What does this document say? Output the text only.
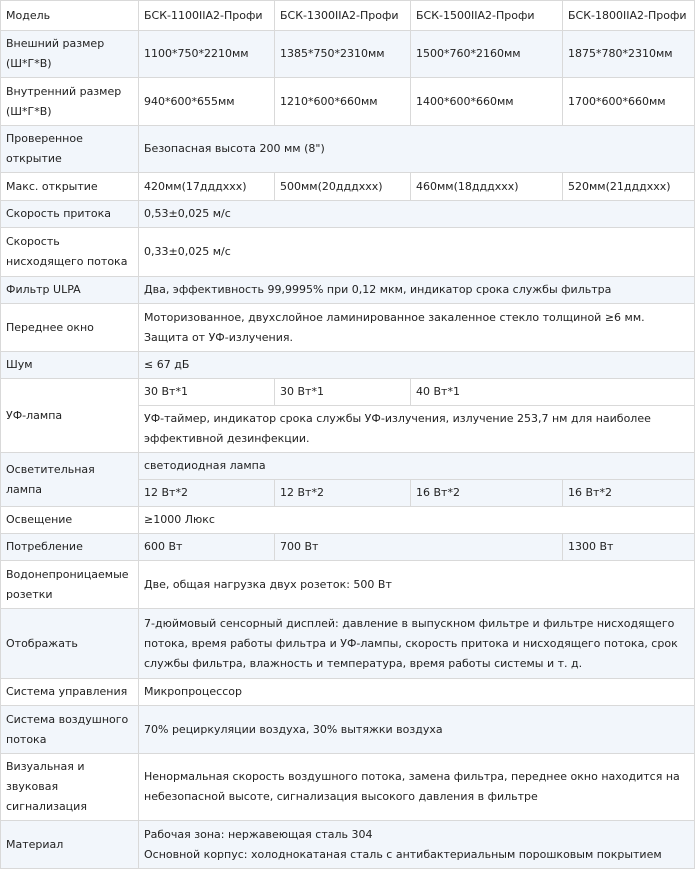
Модель	БСК-1100IIA2-Профи	БСК-1300IIA2-Профи	БСК-1500IIA2-Профи	БСК-1800IIA2-Профи
Внешний размер (Ш*Г*В)	1100*750*2210мм	1385*750*2310мм	1500*760*2160мм	1875*780*2310мм
Внутренний размер (Ш*Г*В)	940*600*655мм	1210*600*660мм	1400*600*660мм	1700*600*660мм
Проверенное открытие	Безопасная высота 200 мм (8")			
Макс. открытие	420мм(17дддххх)	500мм(20дддххх)	460мм(18дддххх)	520мм(21дддххх)
Скорость притока	0,53±0,025 м/с			
Скорость нисходящего потока	0,33±0,025 м/с			
Фильтр ULPA	Два, эффективность 99,9995% при 0,12 мкм, индикатор срока службы фильтра			
Переднее окно	Моторизованное, двухслойное ламинированное закаленное стекло толщиной ≥6 мм. Защита от УФ-излучения.			
Шум	≤ 67 дБ			
УФ-лампа	30 Вт*1	30 Вт*1	40 Вт*1	
	УФ-таймер, индикатор срока службы УФ-излучения, излучение 253,7 нм для наиболее эффективной дезинфекции.			
Осветительная лампа	светодиодная лампа			
	12 Вт*2	12 Вт*2	16 Вт*2	16 Вт*2
Освещение	≥1000 Люкс			
Потребление	600 Вт	700 Вт		1300 Вт
Водонепроницаемые розетки	Две, общая нагрузка двух розеток: 500 Вт			
Отображать	7-дюймовый сенсорный дисплей: давление в выпускном фильтре и фильтре нисходящего потока, время работы фильтра и УФ-лампы, скорость притока и нисходящего потока, срок службы фильтра, влажность и температура, время работы системы и т. д.			
Система управления	Микропроцессор			
Система воздушного потока	70% рециркуляции воздуха, 30% вытяжки воздуха			
Визуальная и звуковая сигнализация	Ненормальная скорость воздушного потока, замена фильтра, переднее окно находится на небезопасной высоте, сигнализация высокого давления в фильтре			
Материал	Рабочая зона: нержавеющая сталь 304
Основной корпус: холоднокатаная сталь с антибактериальным порошковым покрытием			
